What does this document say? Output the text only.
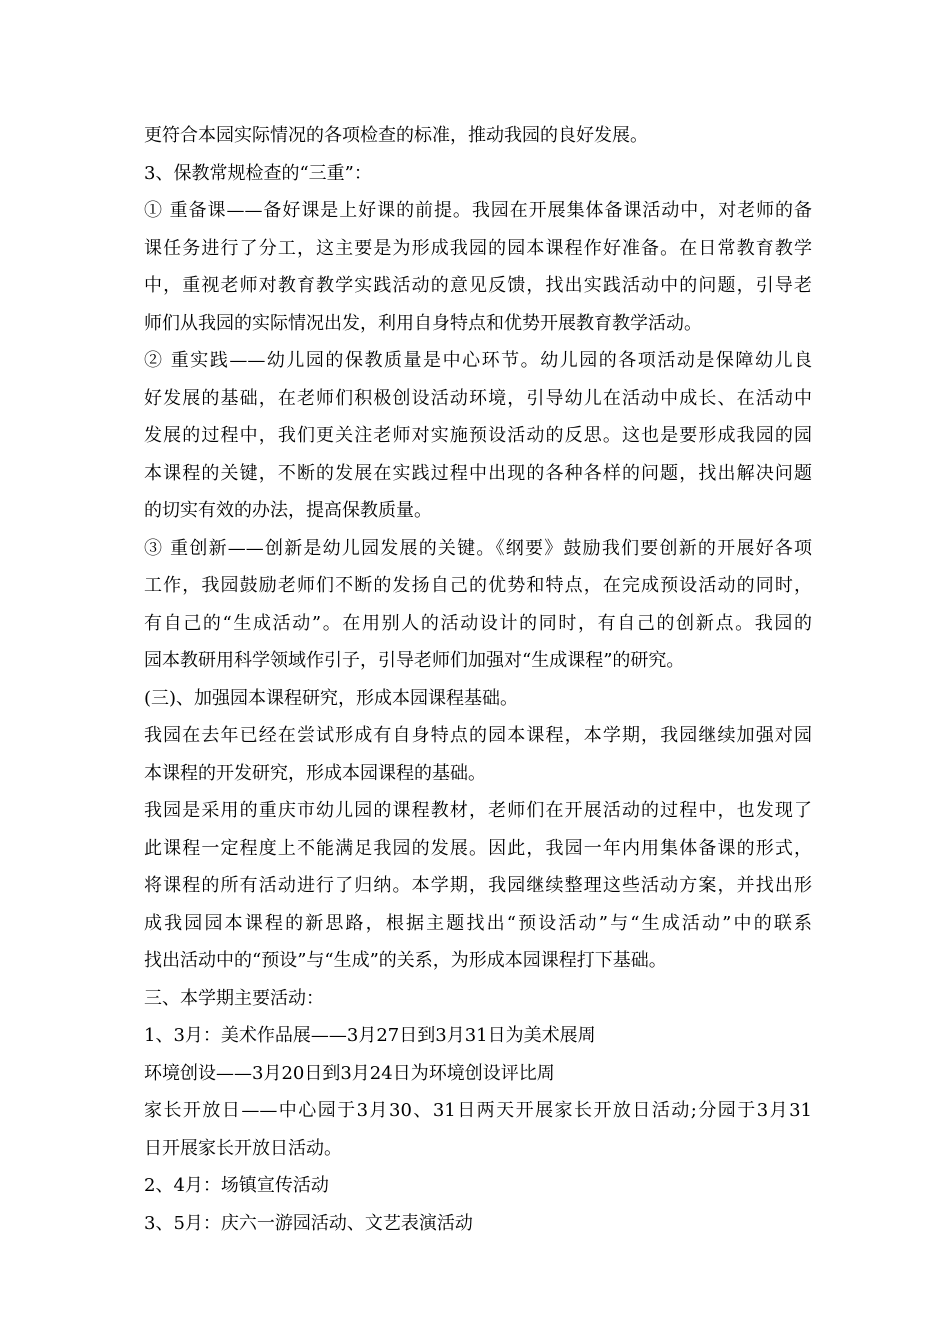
更符合本园实际情况的各项检查的标准，推动我园的良好发展。
3、保教常规检查的“三重”：
① 重备课——备好课是上好课的前提。我园在开展集体备课活动中，对老师的备
课任务进行了分工，这主要是为形成我园的园本课程作好准备。在日常教育教学
中，重视老师对教育教学实践活动的意见反馈，找出实践活动中的问题，引导老
师们从我园的实际情况出发，利用自身特点和优势开展教育教学活动。
② 重实践——幼儿园的保教质量是中心环节。幼儿园的各项活动是保障幼儿良
好发展的基础，在老师们积极创设活动环境，引导幼儿在活动中成长、在活动中
发展的过程中，我们更关注老师对实施预设活动的反思。这也是要形成我园的园
本课程的关键，不断的发展在实践过程中出现的各种各样的问题，找出解决问题
的切实有效的办法，提高保教质量。
③ 重创新——创新是幼儿园发展的关键。《纲要》鼓励我们要创新的开展好各项
工作，我园鼓励老师们不断的发扬自己的优势和特点，在完成预设活动的同时，
有自己的“生成活动”。在用别人的活动设计的同时，有自己的创新点。我园的
园本教研用科学领域作引子，引导老师们加强对“生成课程”的研究。
(三)、加强园本课程研究，形成本园课程基础。
我园在去年已经在尝试形成有自身特点的园本课程，本学期，我园继续加强对园
本课程的开发研究，形成本园课程的基础。
我园是采用的重庆市幼儿园的课程教材，老师们在开展活动的过程中，也发现了
此课程一定程度上不能满足我园的发展。因此，我园一年内用集体备课的形式，
将课程的所有活动进行了归纳。本学期，我园继续整理这些活动方案，并找出形
成我园园本课程的新思路，根据主题找出“预设活动”与“生成活动”中的联系
找出活动中的“预设”与“生成”的关系，为形成本园课程打下基础。
三、本学期主要活动：
1、3月：美术作品展——3月27日到3月31日为美术展周
环境创设——3月20日到3月24日为环境创设评比周
家长开放日——中心园于3月30、31日两天开展家长开放日活动;分园于3月31
日开展家长开放日活动。
2、4月：场镇宣传活动
3、5月：庆六一游园活动、文艺表演活动
